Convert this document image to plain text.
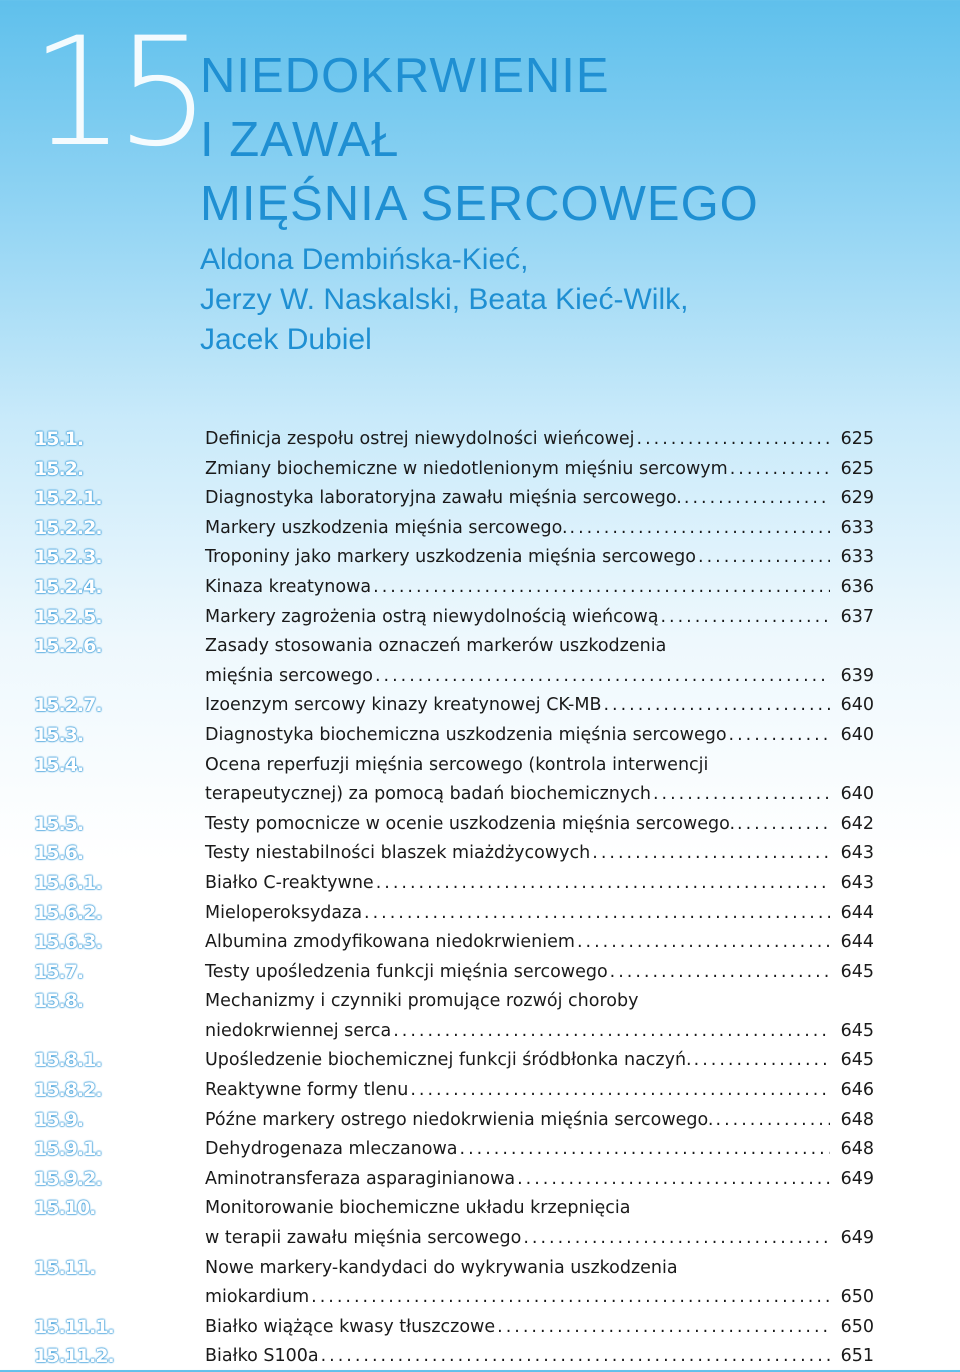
15 NIEDOKRWIENIE
I ZAWAŁ
MIĘŚNIA SERCOWEGO
Aldona Dembińska-Kieć,
Jerzy W. Naskalski, Beata Kieć-Wilk,
Jacek Dubiel
15.1.	Definicja zespołu ostrej niewydolności wieńcowej .....	625
15.2.	Zmiany biochemiczne w niedotlenionym mięśniu sercowym .....	625
15.2.1.	Diagnostyka laboratoryjna zawału mięśnia sercowego. .....	629
15.2.2.	Markery uszkodzenia mięśnia sercowego. .....	633
15.2.3.	Troponiny jako markery uszkodzenia mięśnia sercowego .....	633
15.2.4.	Kinaza kreatynowa .....	636
15.2.5.	Markery zagrożenia ostrą niewydolnością wieńcową .....	637
15.2.6.	Zasady stosowania oznaczeń markerów uszkodzenia
mięśnia sercowego .....	639
15.2.7.	Izoenzym sercowy kinazy kreatynowej CK-MB .....	640
15.3.	Diagnostyka biochemiczna uszkodzenia mięśnia sercowego .....	640
15.4.	Ocena reperfuzji mięśnia sercowego (kontrola interwencji
terapeutycznej) za pomocą badań biochemicznych .....	640
15.5.	Testy pomocnicze w ocenie uszkodzenia mięśnia sercowego. .....	642
15.6.	Testy niestabilności blaszek miażdżycowych .....	643
15.6.1.	Białko C-reaktywne .....	643
15.6.2.	Mieloperoksydaza .....	644
15.6.3.	Albumina zmodyfikowana niedokrwieniem .....	644
15.7.	Testy upośledzenia funkcji mięśnia sercowego .....	645
15.8.	Mechanizmy i czynniki promujące rozwój choroby
niedokrwiennej serca .....	645
15.8.1.	Upośledzenie biochemicznej funkcji śródbłonka naczyń. .....	645
15.8.2.	Reaktywne formy tlenu .....	646
15.9.	Późne markery ostrego niedokrwienia mięśnia sercowego. .....	648
15.9.1.	Dehydrogenaza mleczanowa .....	648
15.9.2.	Aminotransferaza asparaginianowa .....	649
15.10.	Monitorowanie biochemiczne układu krzepnięcia
w terapii zawału mięśnia sercowego .....	649
15.11.	Nowe markery-kandydaci do wykrywania uszkodzenia
miokardium .....	650
15.11.1.	Białko wiążące kwasy tłuszczowe .....	650
15.11.2.	Białko S100a .....	651
